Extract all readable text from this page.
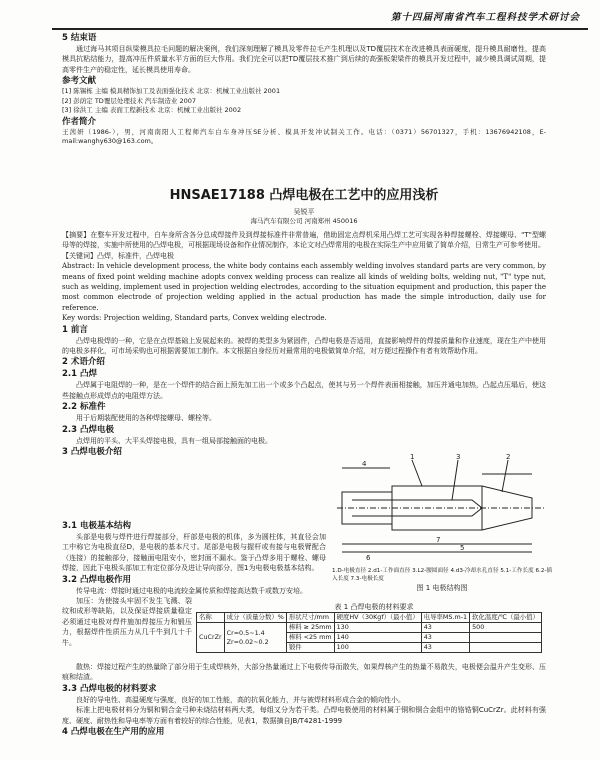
第十四届河南省汽车工程科技学术研讨会
5 结束语

通过海马其项目纵梁模具拉毛问题的解决案例，我们深刻理解了模具及零件拉毛产生机理以及TD覆层技术在改进模具表面硬度，提升模具耐磨性，提高模具抗粘结能力，提高冲压件质量水平方面的巨大作用。我们完全可以把TD覆层技术推广到后续的高强板架梁件的模具开发过程中，减少模具调试周期，提高零件生产的稳定性，延长模具使用寿命。

参考文献

[1] 陈锡栋 主编 模具精饰加工及表面强化技术 北京：机械工业出版社 2001

[2] 彭荫定 TD覆层处理技术 汽车制造业 2007

[3] 徐洪工 主编 表面工程新技术 北京：机械工业出版社 2002

作者简介

王茜妍（1986-），男，河南南阳人工程师汽车白车身冲压SE分析、模具开发冲试制关工作。电话：（0371）56701327，手机：13676942108，E-mail:wanghy630@163.com。

HNSAE17188 凸焊电极在工艺中的应用浅析
吴锐平
海马汽车有限公司 河南郑州 450016

【摘要】在整车开发过程中，白车身所含各分总成焊接件及到焊接标准件非常普遍，借助固定点焊机采用凸焊工艺可实现各种焊接螺栓、焊接螺母、"T"型螺母等的焊接，实施中所使用的凸焊电极，可根据现场设备和作业情况制作，本论文对凸焊常用的电极在实际生产中应用做了简单介绍，日常生产可参考使用。

【关键词】凸焊，标准件，凸焊电极

Abstract: In vehicle development process, the white body contains each assembly welding involves standard parts are very common, by means of fixed point welding machine adopts convex welding process can realize all kinds of welding bolts, welding nut, "T" type nut, such as welding, implement used in projection welding electrodes, according to the situation equipment and production, this paper the most common electrode of projection welding applied in the actual production has made the simple introduction, daily use for reference.

Key words: Projection welding, Standard parts, Convex welding electrode.

1 前言

凸焊电极焊的一种，它是在点焊基础上发展起来的。被焊的类型多为紧固件，凸焊电极是否适用，直接影响焊件的焊接质量和作业速度，现在生产中使用的电极多样化，可市场采购也可根据需要加工制作。本文根据自身经历对最常用的电极做简单介绍，对方便过程操作有者有效帮助作用。

2 术语介绍
2.1 凸焊

凸焊属于电阻焊的一种，是在一个焊件的结合面上预先加工出一个或多个凸起点，使其与另一个焊件表面相接触，加压并通电加热，凸起点压塌后，使这些接触点形成焊点的电阻焊方法。

2.2 标准件

用于后期装配使用的各种焊接螺母、螺栓等。

2.3 凸焊电极

点焊用的平头、大平头焊接电极，具有一组局部接触面的电极。

3 凸焊电极介绍
3.1 电极基本结构

头部是电极与焊件进行焊接部分，杆部是电极的机体，多为圆柱体，其直径会加工中称它为电极直径D，是电极的基本尺寸。尾部是电极与握杆或有接与电极臂配合（连接）的接触部分，接触面电阻安小，密封面不漏水。鉴于凸焊多用于螺栓、螺母焊接，因此下电极头部加工有定位部分及进让导向部分，图1为电极电极基本结构。

3.2 凸焊电极作用

传导电流：焊接时通过电极的电流较金属传质和焊接高达数千或数万安培。

加压：为使接头牢固不发生飞溅、裂纹和成形等缺陷，以及保证焊接质量稳定必须通过电极对焊件施加焊接压力和锻压力，根据焊件性质压力从几千牛到几十千牛。

1	2
3
4
5
6
7

1.D-电极直径 2.d1-工作面直径 3.L2-腰圆面径 4.d3-冷却水孔直径 5.1-工作长度 6.2-插入长度 7.3-电极长度

图 1 电极结构图
表 1 凸焊电极的材料要求
名称	成分（质量分数）%	形状尺寸/mm	硬度HV（30Kgf）（最小值）	电导率MS.m-1	软化温度/℃（最小值）
CuCrZr	Cr=0.5~1.4
Zr=0.02~0.2	棒料 ≥ 25mm	130	43	500
		棒料 <25 mm	140	43	
		锻件	100	43	

散热：焊接过程产生的热量除了部分用于生成焊核外，大部分热量通过上下电极传导而散失，如果焊核产生的热量不易散失，电极便会温升产生变形、压痕和结渣。

3.3 凸焊电极的材料要求

良好的导电性、高温硬度与强度，良好的加工性能，高的抗氧化能力，并与被焊材料形成合金的倾向性小。

标准上把电极材料分为铜和铜合金弓种未烧结材料两大类，每组又分为若干类。凸焊电极使用的材料属于铜和铜合金组中的铬锆铜CuCrZr。此材料有强度、硬度、耐热性和导电率等方面有着较好的综合性能，见表1，数据摘自JB/T4281-1999

4 凸焊电极在生产用的应用
